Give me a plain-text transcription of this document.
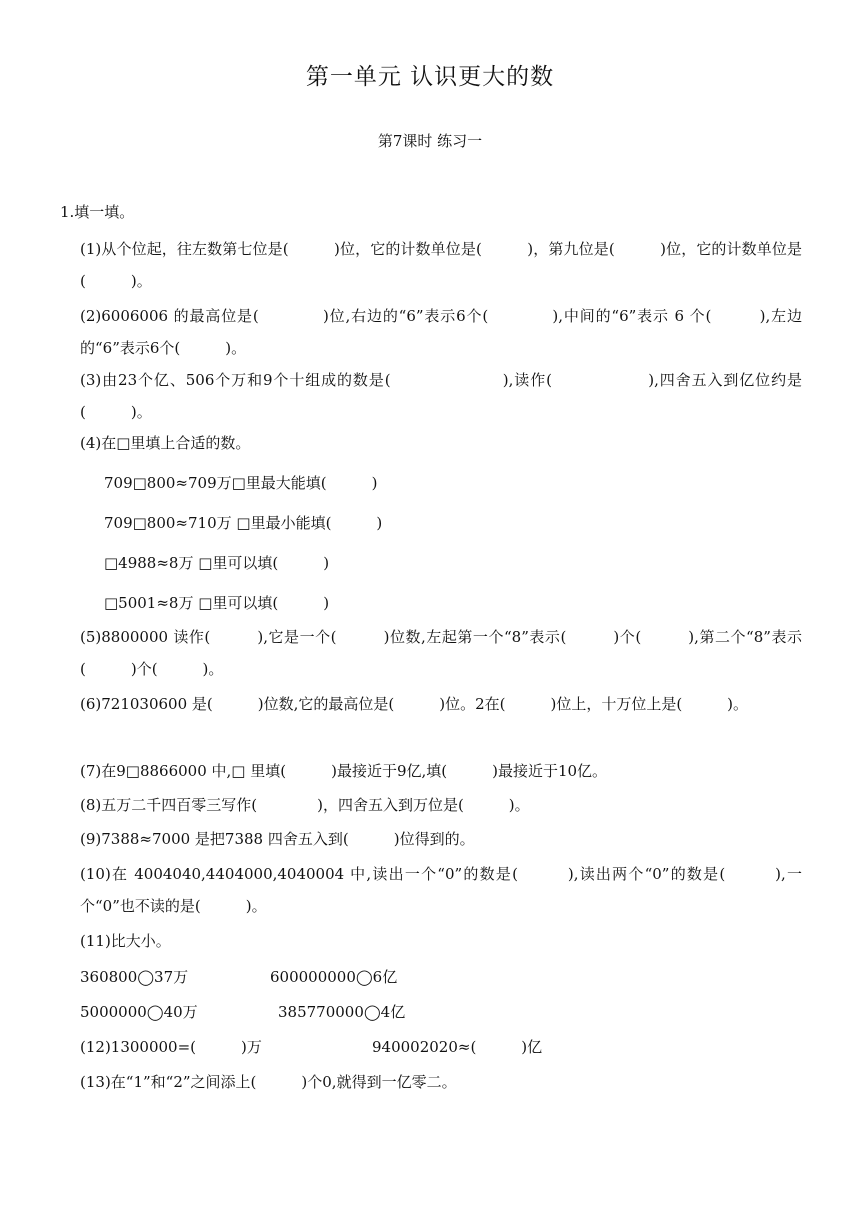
第一单元 认识更大的数
第7课时 练习一
1.填一填。
(1)从个位起，往左数第七位是(　　　)位，它的计数单位是(　　　)，第九位是(　　　)位，它的计数单位是(　　　)。
(2)6006006 的最高位是(　　　　)位,右边的“6”表示6个(　　　　),中间的“6”表示 6 个(　　　),左边的“6”表示6个(　　　)。
(3)由23个亿、506个万和9个十组成的数是(　　　　　　　),读作(　　　　　　),四舍五入到亿位约是(　　　)。
(4)在□里填上合适的数。
709□800≈709万□里最大能填(　　　)
709□800≈710万 □里最小能填(　　　)
□4988≈8万 □里可以填(　　　)
□5001≈8万 □里可以填(　　　)
(5)8800000 读作(　　　),它是一个(　　　)位数,左起第一个“8”表示(　　　)个(　　　),第二个“8”表示(　　　)个(　　　)。
(6)721030600 是(　　　)位数,它的最高位是(　　　)位。2在(　　　)位上，十万位上是(　　　)。
(7)在9□8866000 中,□ 里填(　　　)最接近于9亿,填(　　　)最接近于10亿。
(8)五万二千四百零三写作(　　　　)，四舍五入到万位是(　　　)。
(9)7388≈7000 是把7388 四舍五入到(　　　)位得到的。
(10)在 4004040,4404000,4040004 中,读出一个“0”的数是(　　　),读出两个“0”的数是(　　　),一个“0”也不读的是(　　　)。
(11)比大小。
360800◯37万	600000000◯6亿
5000000◯40万	385770000◯4亿
(12)1300000=(　　　)万	940002020≈(　　　)亿
(13)在“1”和“2”之间添上(　　　)个0,就得到一亿零二。
